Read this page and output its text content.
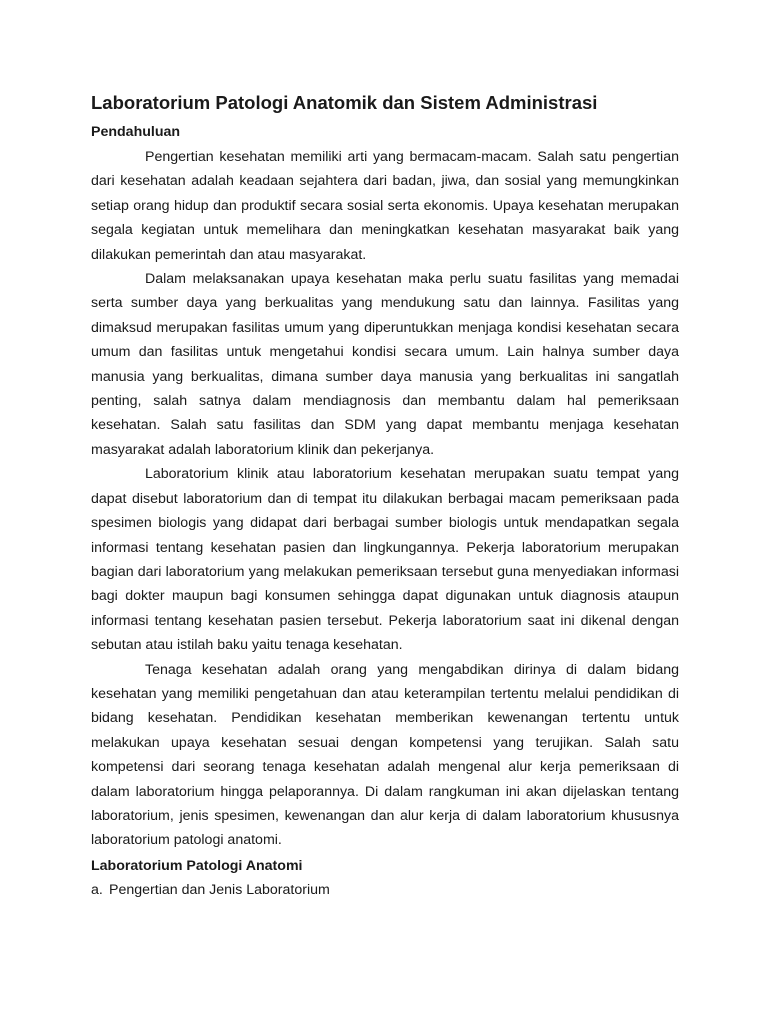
Laboratorium Patologi Anatomik dan Sistem Administrasi
Pendahuluan

Pengertian kesehatan memiliki arti yang bermacam-macam. Salah satu pengertian dari kesehatan adalah keadaan sejahtera dari badan, jiwa, dan sosial yang memungkinkan setiap orang hidup dan produktif secara sosial serta ekonomis. Upaya kesehatan merupakan segala kegiatan untuk memelihara dan meningkatkan kesehatan masyarakat baik yang dilakukan pemerintah dan atau masyarakat.

Dalam melaksanakan upaya kesehatan maka perlu suatu fasilitas yang memadai serta sumber daya yang berkualitas yang mendukung satu dan lainnya. Fasilitas yang dimaksud merupakan fasilitas umum yang diperuntukkan menjaga kondisi kesehatan secara umum dan fasilitas untuk mengetahui kondisi secara umum. Lain halnya sumber daya manusia yang berkualitas, dimana sumber daya manusia yang berkualitas ini sangatlah penting, salah satnya dalam mendiagnosis dan membantu dalam hal pemeriksaan kesehatan. Salah satu fasilitas dan SDM yang dapat membantu menjaga kesehatan masyarakat adalah laboratorium klinik dan pekerjanya.

Laboratorium klinik atau laboratorium kesehatan merupakan suatu tempat yang dapat disebut laboratorium dan di tempat itu dilakukan berbagai macam pemeriksaan pada spesimen biologis yang didapat dari berbagai sumber biologis untuk mendapatkan segala informasi tentang kesehatan pasien dan lingkungannya. Pekerja laboratorium merupakan bagian dari laboratorium yang melakukan pemeriksaan tersebut guna menyediakan informasi bagi dokter maupun bagi konsumen sehingga dapat digunakan untuk diagnosis ataupun informasi tentang kesehatan pasien tersebut. Pekerja laboratorium saat ini dikenal dengan sebutan atau istilah baku yaitu tenaga kesehatan.

Tenaga kesehatan adalah orang yang mengabdikan dirinya di dalam bidang kesehatan yang memiliki pengetahuan dan atau keterampilan tertentu melalui pendidikan di bidang kesehatan. Pendidikan kesehatan memberikan kewenangan tertentu untuk melakukan upaya kesehatan sesuai dengan kompetensi yang terujikan. Salah satu kompetensi dari seorang tenaga kesehatan adalah mengenal alur kerja pemeriksaan di dalam laboratorium hingga pelaporannya. Di dalam rangkuman ini akan dijelaskan tentang laboratorium, jenis spesimen, kewenangan dan alur kerja di dalam laboratorium khususnya laboratorium patologi anatomi.

Laboratorium Patologi Anatomi

a. Pengertian dan Jenis Laboratorium
